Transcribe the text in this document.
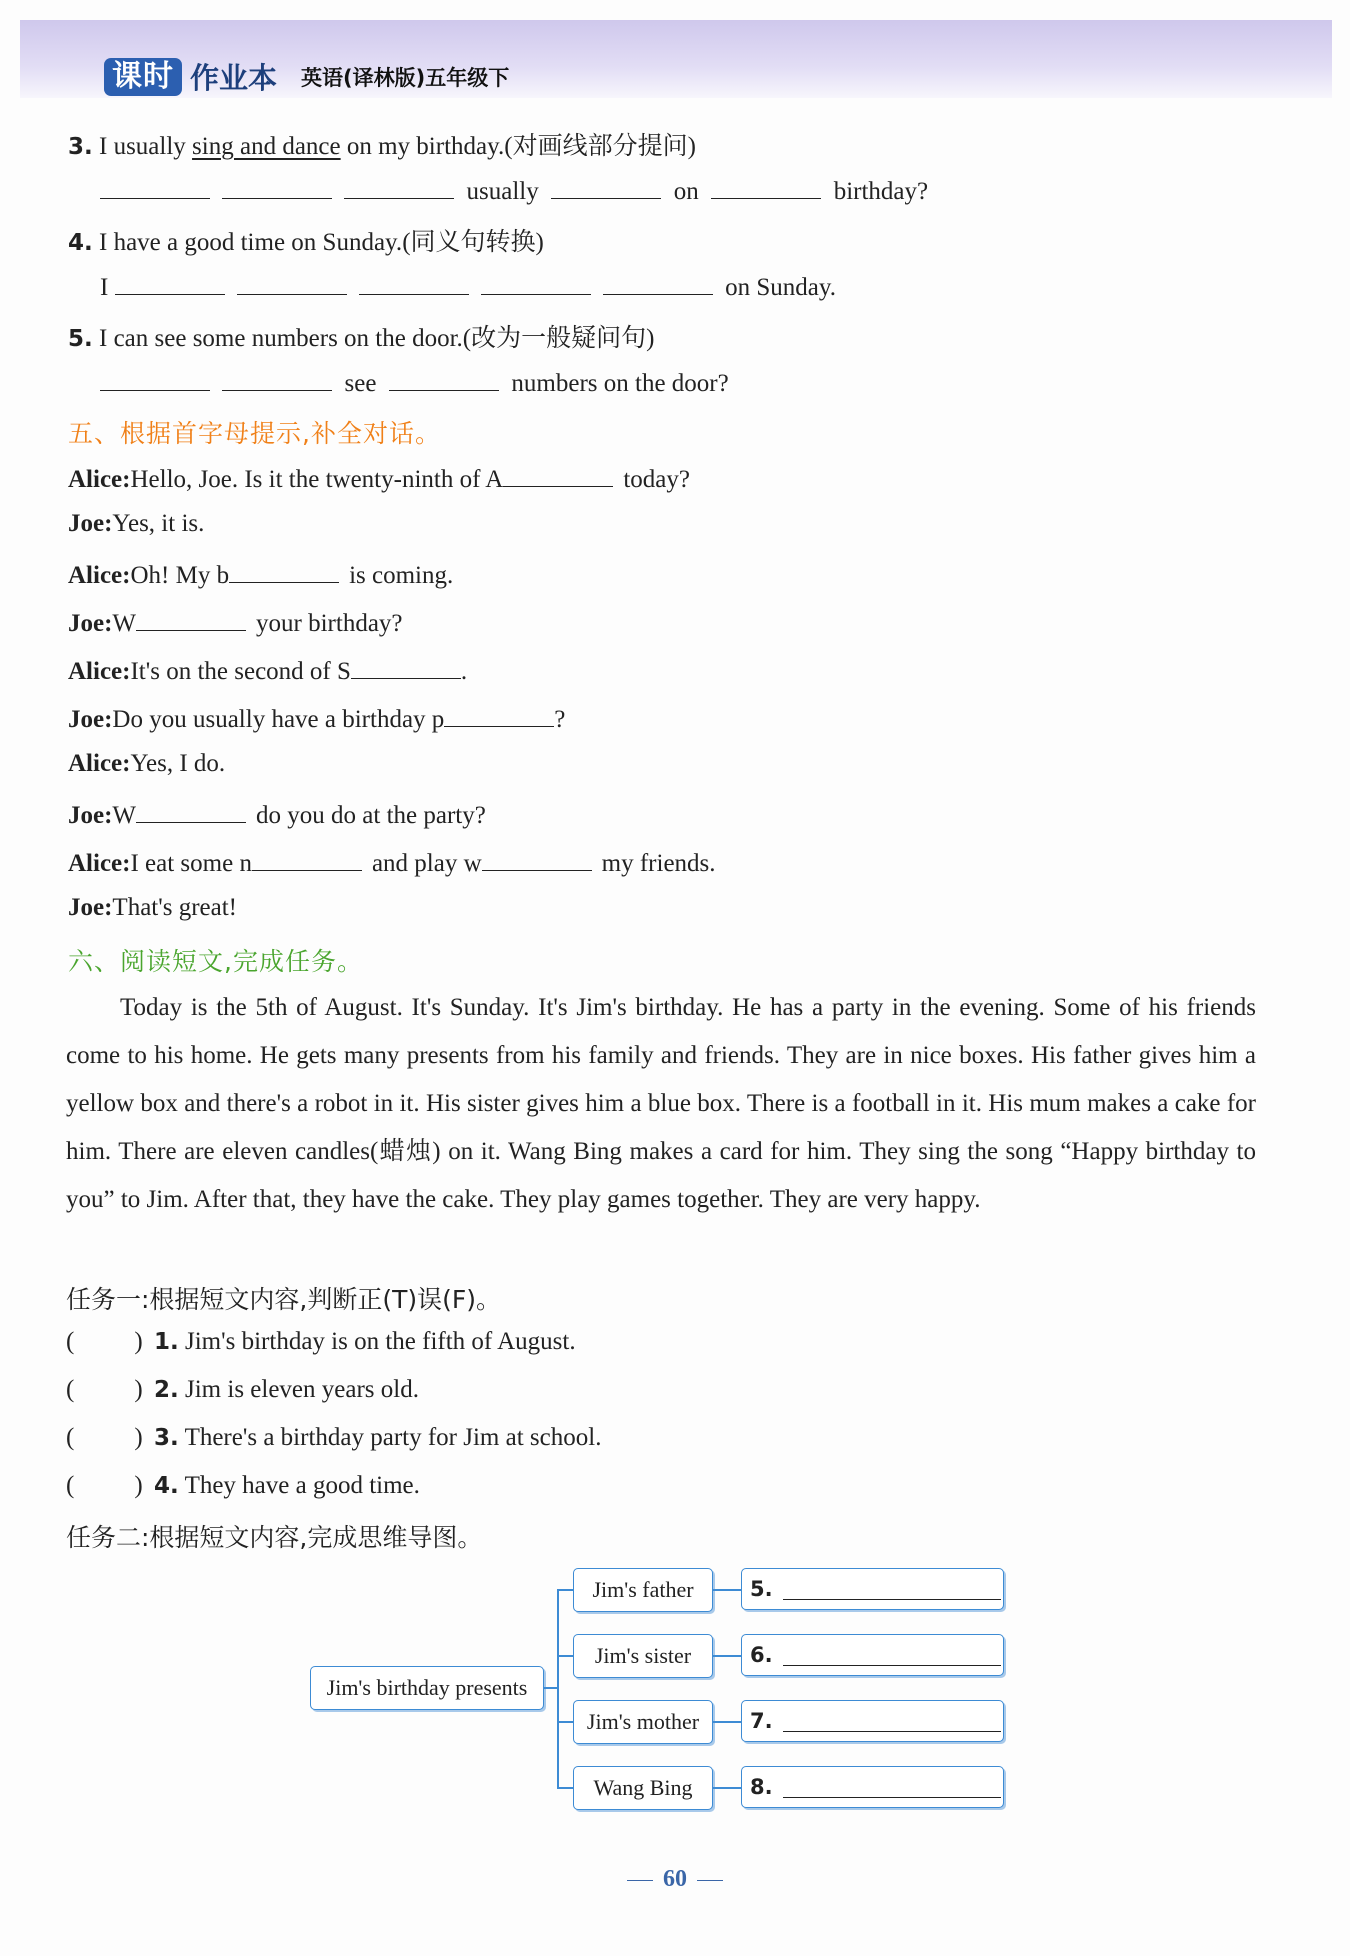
课时 作业本 英语(译林版)五年级下
3. I usually sing and dance on my birthday.(对画线部分提问)
usually	on	birthday?
4. I have a good time on Sunday.(同义句转换)
I	on Sunday.
5. I can see some numbers on the door.(改为一般疑问句)
see	numbers on the door?
五、根据首字母提示,补全对话。
Alice:Hello, Joe. Is it the twenty-ninth of A	today?
Joe:Yes, it is.
Alice:Oh! My b	is coming.
Joe:W	your birthday?
Alice:It's on the second of S	.
Joe:Do you usually have a birthday p	?
Alice:Yes, I do.
Joe:W	do you do at the party?
Alice:I eat some n	and play w	my friends.
Joe:That's great!
六、阅读短文,完成任务。
Today is the 5th of August. It's Sunday. It's Jim's birthday. He has a party in the evening. Some of his friends come to his home. He gets many presents from his family and friends. They are in nice boxes. His father gives him a yellow box and there's a robot in it. His sister gives him a blue box. There is a football in it. His mum makes a cake for him. There are eleven candles(蜡烛) on it. Wang Bing makes a card for him. They sing the song “Happy birthday to you” to Jim. After that, they have the cake. They play games together. They are very happy.
任务一:根据短文内容,判断正(T)误(F)。
( ) 1. Jim's birthday is on the fifth of August.
( ) 2. Jim is eleven years old.
( ) 3. There's a birthday party for Jim at school.
( ) 4. They have a good time.
任务二:根据短文内容,完成思维导图。
Jim's birthday presents
Jim's father	5.
Jim's sister	6.
Jim's mother	7.
Wang Bing	8.
60
